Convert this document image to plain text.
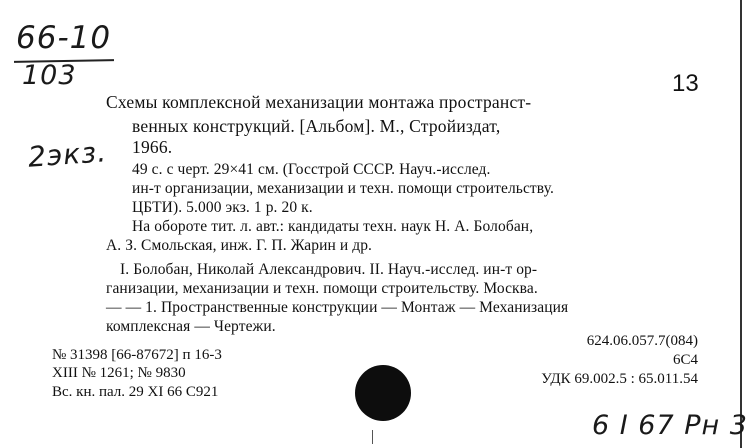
66-10
103
2экз.
6 I 67 Рн 3
13
Схемы комплексной механизации монтажа пространст-
венных конструкций. [Альбом]. М., Стройиздат,
1966.
49 с. с черт. 29×41 см. (Госстрой СССР. Науч.-исслед.
ин-т организации, механизации и техн. помощи строительству.
ЦБТИ). 5.000 экз. 1 р. 20 к.
На обороте тит. л. авт.: кандидаты техн. наук Н. А. Болобан,
А. З. Смольская, инж. Г. П. Жарин и др.
I. Болобан, Николай Александрович. II. Науч.-исслед. ин-т ор-
ганизации, механизации и техн. помощи строительству. Москва.
— — 1. Пространственные конструкции — Монтаж — Механизация
комплексная — Чертежи.
№ 31398 [66-87672] п 16-3
XIII № 1261; № 9830
Вс. кн. пал. 29 XI 66 С921
624.06.057.7(084)
6С4
УДК 69.002.5 : 65.011.54
